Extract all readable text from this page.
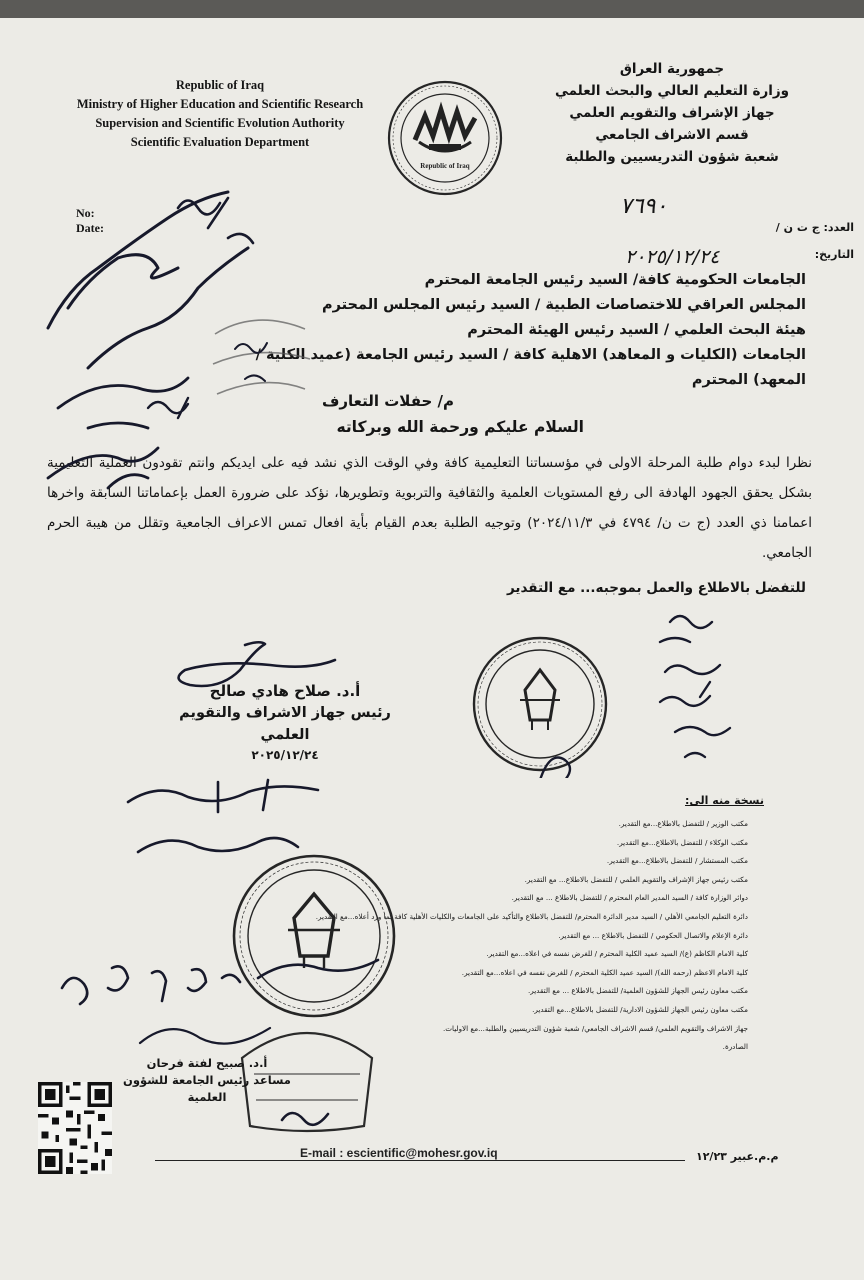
Republic of Iraq
Ministry of Higher Education and Scientific Research
Supervision and Scientific Evolution Authority
Scientific Evaluation Department
Republic of Iraq
جمهورية العراق
وزارة التعليم العالي والبحث العلمي
جهاز الإشراف والتقويم العلمي
قسم الاشراف الجامعي
شعبة شؤون التدريسيين والطلبة
No:
Date:	العدد: ج ت ن /
التاريخ:
٧٦٩٠
٢٠٢٥/١٢/٢٤
الجامعات الحكومية كافة/ السيد رئيس الجامعة المحترم
المجلس العراقي للاختصاصات الطبية / السيد رئيس المجلس المحترم
هيئة البحث العلمي / السيد رئيس الهيئة المحترم
الجامعات (الكليات و المعاهد) الاهلية كافة / السيد رئيس الجامعة (عميد الكلية / المعهد) المحترم
م/ حفلات التعارف
السلام عليكم ورحمة الله وبركاته
نظرا لبدء دوام طلبة المرحلة الاولى في مؤسساتنا التعليمية كافة وفي الوقت الذي نشد فيه على ايديكم وانتم تقودون العملية التعليمية بشكل يحقق الجهود الهادفة الى رفع المستويات العلمية والثقافية والتربوية وتطويرها، نؤكد على ضرورة العمل بإعماماتنا السابقة واخرها اعمامنا ذي العدد (ج ت ن/ ٤٧٩٤ في ٢٠٢٤/١١/٣) وتوجيه الطلبة بعدم القيام بأية افعال تمس الاعراف الجامعية وتقلل من هيبة الحرم الجامعي.
للتفضل بالاطلاع والعمل بموجبه... مع التقدير
أ.د. صلاح هادي صالح
رئيس جهاز الاشراف والتقويم العلمي
٢٠٢٥/١٢/٢٤
نسخة منه الى:
▪ مكتب الوزير / للتفضل بالاطلاع...مع التقدير.
▪ مكتب الوكلاء / للتفضل بالاطلاع...مع التقدير.
▪ مكتب المستشار / للتفضل بالاطلاع...مع التقدير.
▪ مكتب رئيس جهاز الإشراف والتقويم العلمي / للتفضل بالاطلاع... مع التقدير.
▪ دوائر الوزارة كافة / السيد المدير العام المحترم / للتفضل بالاطلاع ... مع التقدير.
▪ دائرة التعليم الجامعي الأهلي / السيد مدير الدائرة المحترم/ للتفضل بالاطلاع والتأكيد على الجامعات والكليات الأهلية كافة بما ورد أعلاه...مع التقدير.
▪ دائرة الإعلام والاتصال الحكومي / للتفضل بالاطلاع ... مع التقدير.
▪ كلية الامام الكاظم (ع)/ السيد عميد الكلية المحترم / للغرض نفسه في اعلاه...مع التقدير.
▪ كلية الامام الاعظم (رحمه الله)/ السيد عميد الكلية المحترم / للغرض نفسه في اعلاه...مع التقدير.
▪ مكتب معاون رئيس الجهاز للشؤون العلمية/ للتفضل بالاطلاع ... مع التقدير.
▪ مكتب معاون رئيس الجهاز للشؤون الادارية/ للتفضل بالاطلاع...مع التقدير.
▪ جهاز الاشراف والتقويم العلمي/ قسم الاشراف الجامعي/ شعبة شؤون التدريسيين والطلبة...مع الاوليات.
▪ الصادرة.
أ.د. صبيح لفتة فرحان
مساعد رئيس الجامعة للشؤون العلمية
E-mail : escientific@mohesr.gov.iq	م.م.عبير ١٢/٢٣
